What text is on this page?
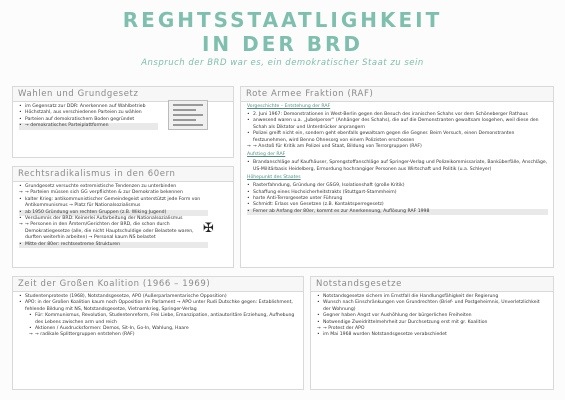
REGHTSSTAATLIGHKEIT
IN DER BRD
Anspruch der BRD war es, ein demokratischer Staat zu sein
Wahlen und Grundgesetz
• im Gegensatz zur DDR: Anerkennen auf Wahlbetrieb
• Höchstzahl, aus verschiedenen Parteien zu wählen
• Parteien auf demokratischem Boden gegründet
• → demokratisches Parteiplattformen
Rechtsradikalismus in den 60ern
• Grundgesetz versuchte extremistische Tendenzen zu unterbinden
→ → Parteien müssen sich GG verpflichten & zur Demokratie bekennen
• kalter Krieg: antikommunistischer Gemeindegeist unterstützt jede Form von Antikommunismus → Platz für Nationalsozialismus
• ab 1950 Gründung von rechten Gruppen (z.B. Wiking Jugend)
• Versäumnis der BRD: Keinerlei Aufarbeitung der Nationalsozialismus
→ → Personen in den Ämtern/Gerichten der BRD, die schon durch Demokratiegesetze (alle, die nicht Hauptschuldige oder Belastete waren, durften weiterhin arbeiten) → Personal kaum NS belastet
• Mitte der 80er: rechtsextreme Strukturen
✠
Rote Armee Fraktion (RAF)
Vorgeschichte – Entstehung der RAF
• 2. Juni 1967: Demonstrationen in West-Berlin gegen den Besuch des iranischen Schahs vor dem Schöneberger Rathaus
• anwesend waren u.a. „Jubelperser“ (Anhänger des Schahs), die auf die Demonstranten gewaltsam losgehen, weil diese den Schah als Diktator und Unterdrücker anprangern
• Polizei greift nicht ein, sondern geht ebenfalls gewaltsam gegen die Gegner. Beim Versuch, einen Demonstranten festzunehmen, wird Benno Ohnesorg von einem Polizisten erschossen
→ → Anstoß für Kritik am Polizei und Staat, Bildung von Terrorgruppen (RAF)
Aufstieg der RAF
• Brandanschläge auf Kaufhäuser, Sprengstoffanschläge auf Springer-Verlag und Polizeikommissariate, Banküberfälle, Anschläge, US-Militärbasis Heidelberg, Ermordung hochrangiger Personen aus Wirtschaft und Politik (u.a. Schleyer)
Höhepunkt des Staates
• Rasterfahndung, Gründung der GSG9, Isolationshaft (große Kritik)
• Schaffung eines Hochsicherheitstrakts (Stuttgart-Stammheim)
• harte Anti-Terrorgesetze unter Führung
• Schmidt: Erlass von Gesetzen (z.B. Kontaktsperregesetz)
• Ferner ab Anfang der 80er, kommt es zur Anerkennung, Auflösung RAF 1998
Zeit der Großen Koalition (1966 – 1969)
• Studentenproteste (1968), Notstandsgesetze, APO (Außerparlamentarische Opposition)
• APO: in der Großen Koalition kaum noch Opposition im Parlament → APO unter Rudi Dutschke gegen: Establishment, fehlende Bildung mit NS, Notstandsgesetze, Vietnamkrieg, Springer-Verlag
• Für: Kommunismus, Revolution, Studentenreform, Frei Liebe, Emanzipation, antiautoritäre Erziehung, Aufhebung des Lebens zwischen arm und reich
• Aktionen / Ausdrucksformen: Demos, Sit-In, Go-In, Wahlung, Haare
→ → radikale Splittergruppen entstehen (RAF)
Notstandsgesetze
• Notstandsgesetze sichern im Ernstfall die Handlungsfähigkeit der Regierung
• Wunsch nach Einschränkungen von Grundrechten (Brief- und Postgeheimnis, Unverletzlichkeit der Wohnung)
• Gegner haben Angst vor Aushöhlung der bürgerlichen Freiheiten
• Notwendige Zweidrittelmehrheit zur Durchsetzung erst mit gr. Koalition
→ → Protest der APO
• im Mai 1968 wurden Notstandsgesetze verabschiedet
